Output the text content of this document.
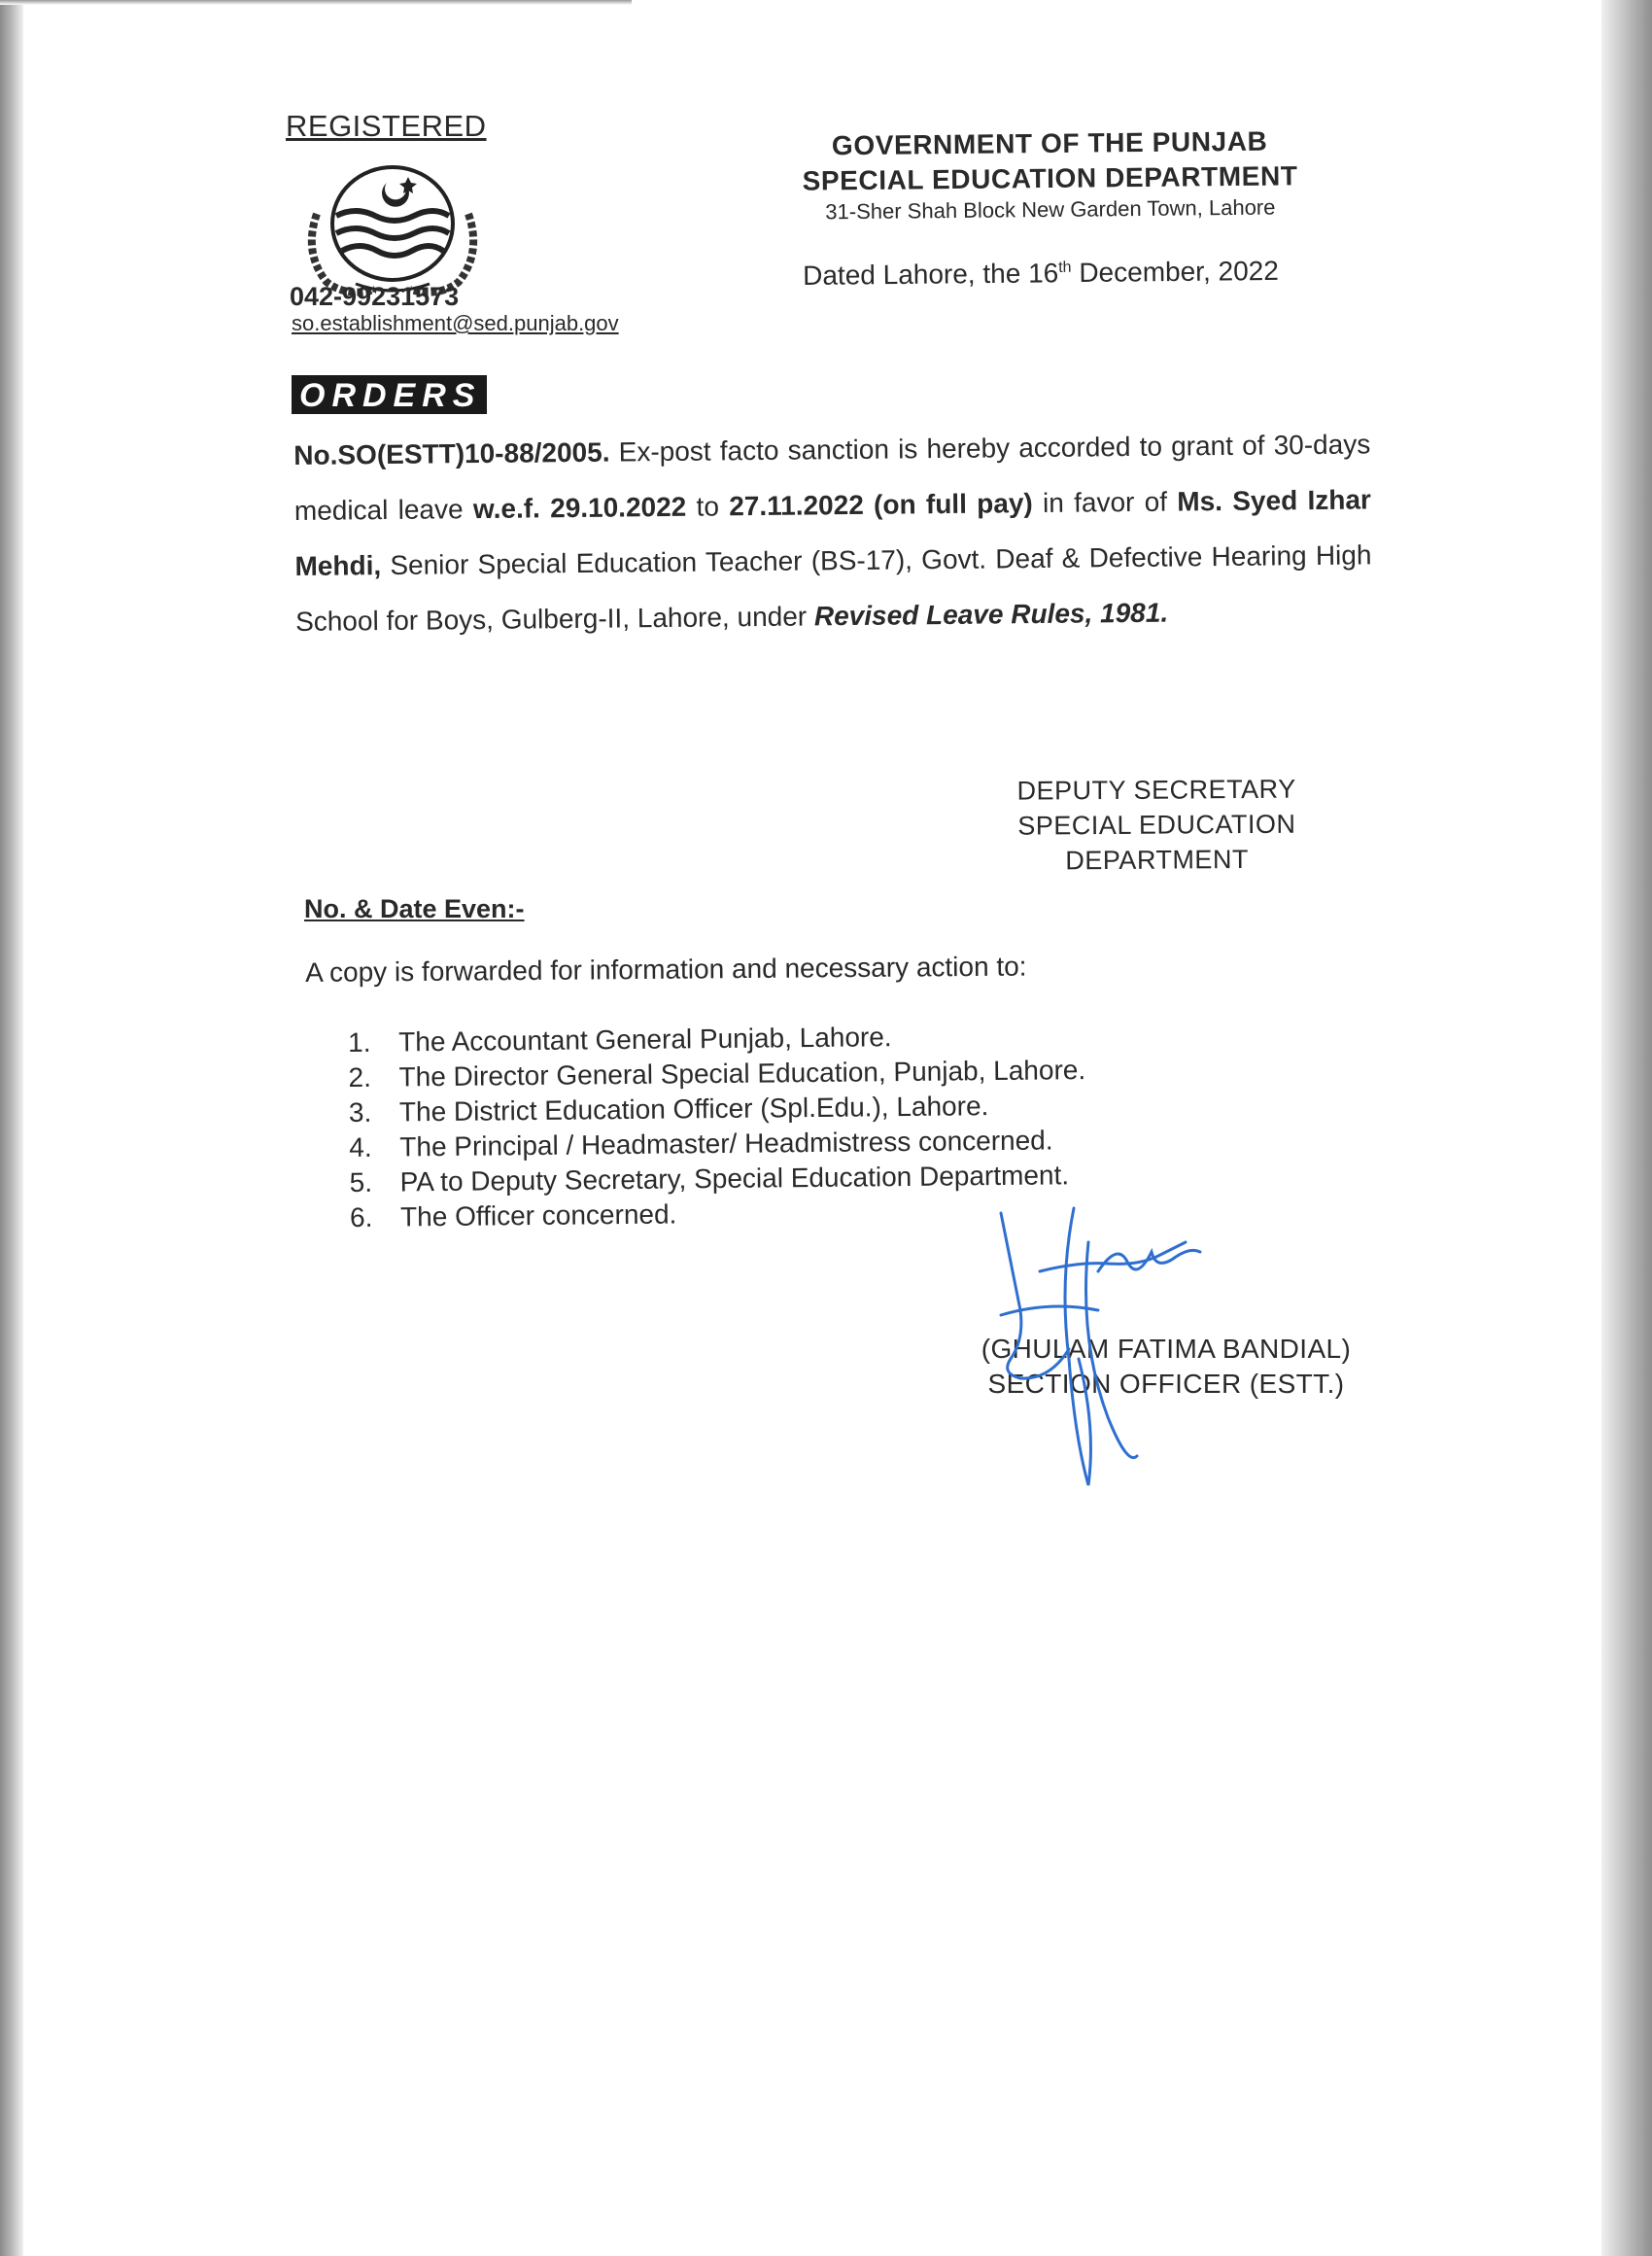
REGISTERED
042-99231573
so.establishment@sed.punjab.gov
GOVERNMENT OF THE PUNJAB
SPECIAL EDUCATION DEPARTMENT
31-Sher Shah Block New Garden Town, Lahore
Dated Lahore, the 16th December, 2022
ORDERS
No.SO(ESTT)10-88/2005. Ex-post facto sanction is hereby accorded to grant of 30-days medical leave w.e.f. 29.10.2022 to 27.11.2022 (on full pay) in favor of Ms. Syed Izhar Mehdi, Senior Special Education Teacher (BS-17), Govt. Deaf & Defective Hearing High School for Boys, Gulberg-II, Lahore, under Revised Leave Rules, 1981.
DEPUTY SECRETARY
SPECIAL EDUCATION
DEPARTMENT
No. & Date Even:-
A copy is forwarded for information and necessary action to:
1. The Accountant General Punjab, Lahore.
2. The Director General Special Education, Punjab, Lahore.
3. The District Education Officer (Spl.Edu.), Lahore.
4. The Principal / Headmaster/ Headmistress concerned.
5. PA to Deputy Secretary, Special Education Department.
6. The Officer concerned.
(GHULAM FATIMA BANDIAL)
SECTION OFFICER (ESTT.)
